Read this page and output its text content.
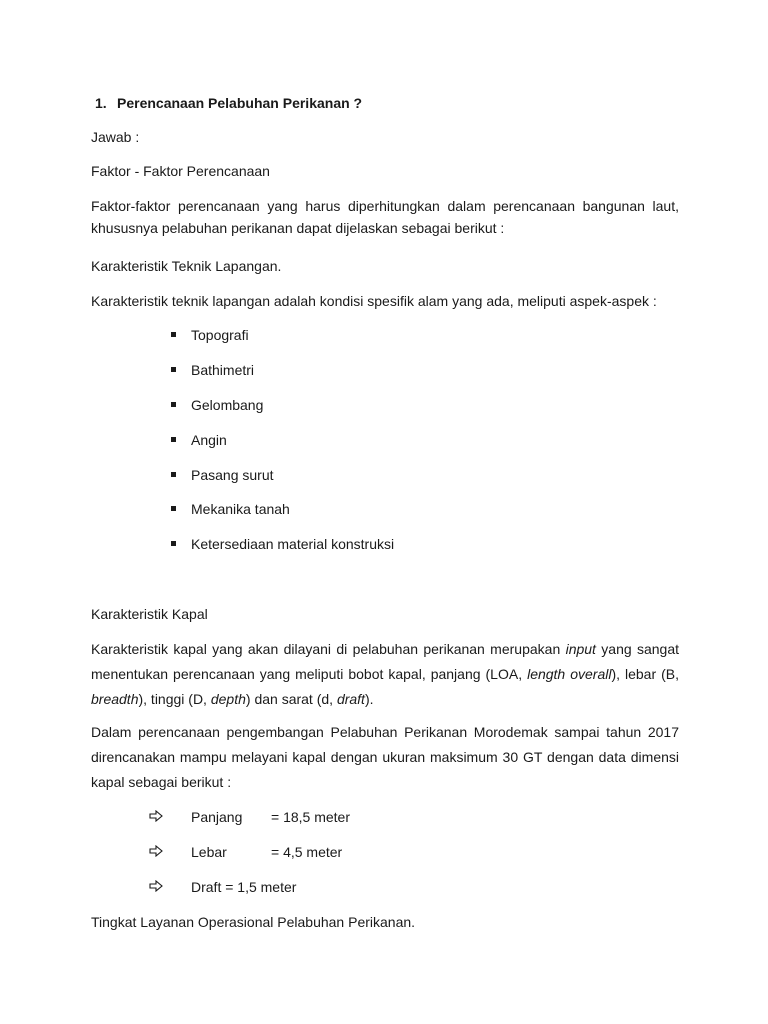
1. Perencanaan Pelabuhan Perikanan ?

Jawab :

Faktor - Faktor Perencanaan

Faktor-faktor perencanaan yang harus diperhitungkan dalam perencanaan bangunan laut, khususnya pelabuhan perikanan dapat dijelaskan sebagai berikut :

Karakteristik Teknik Lapangan.

Karakteristik teknik lapangan adalah kondisi spesifik alam yang ada, meliputi aspek-aspek :

Topografi
Bathimetri
Gelombang
Angin
Pasang surut
Mekanika tanah
Ketersediaan material konstruksi

Karakteristik Kapal

Karakteristik kapal yang akan dilayani di pelabuhan perikanan merupakan input yang sangat menentukan perencanaan yang meliputi bobot kapal, panjang (LOA, length overall), lebar (B, breadth), tinggi (D, depth) dan sarat (d, draft).

Dalam perencanaan pengembangan Pelabuhan Perikanan Morodemak sampai tahun 2017 direncanakan mampu melayani kapal dengan ukuran maksimum 30 GT dengan data dimensi kapal sebagai berikut :

Panjang = 18,5 meter
Lebar	= 4,5 meter
Draft = 1,5 meter

Tingkat Layanan Operasional Pelabuhan Perikanan.
